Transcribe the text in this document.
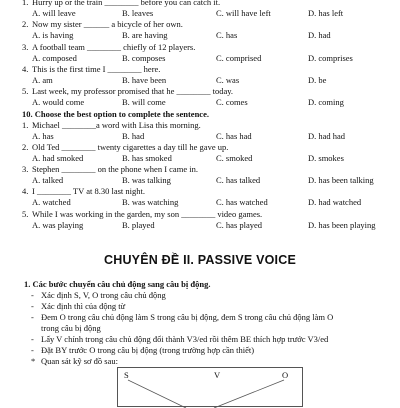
1. Hurry up or the train ________ before you can catch it.
A. will leave	B. leaves	C. will have left	D. has left
2. Now my sister ______ a bicycle of her own.
A. is having	B. are having	C. has	D. had
3. A football team ________ chiefly of 12 players.
A. composed	B. composes	C. comprised	D. comprises
4. This is the first time I ________ here.
A. am	B. have been	C. was	D. be
5. Last week, my professor promised that he ________ today.
A. would come	B. will come	C. comes	D. coming
10. Choose the best option to complete the sentence.
1. Michael ________a word with Lisa this morning.
A. has	B. had	C. has had	D. had had
2. Old Ted ________ twenty cigarettes a day till he gave up.
A. had smoked	B. has smoked	C. smoked	D. smokes
3. Stephen ________ on the phone when I came in.
A. talked	B. was talking	C. has talked	D. has been talking
4. I ________ TV at 8.30 last night.
A. watched	B. was watching	C. has watched	D. had watched
5. While I was working in the garden, my son ________ video games.
A. was playing	B. played	C. has played	D. has been playing
CHUYÊN ĐỀ II. PASSIVE VOICE
1. Các bước chuyển câu chủ động sang câu bị động.
- Xác định S, V, O trong câu chủ động
- Xác định thì của động từ
- Đem O trong câu chủ động làm S trong câu bị động, đem S trong câu chủ động làm O
trong câu bị động
- Lấy V chính trong câu chủ động đổi thành V3/ed rồi thêm BE thích hợp trước V3/ed
- Đặt BY trước O trong câu bị động (trong trường hợp cần thiết)
* Quan sát kỹ sơ đồ sau:
S	V	O
